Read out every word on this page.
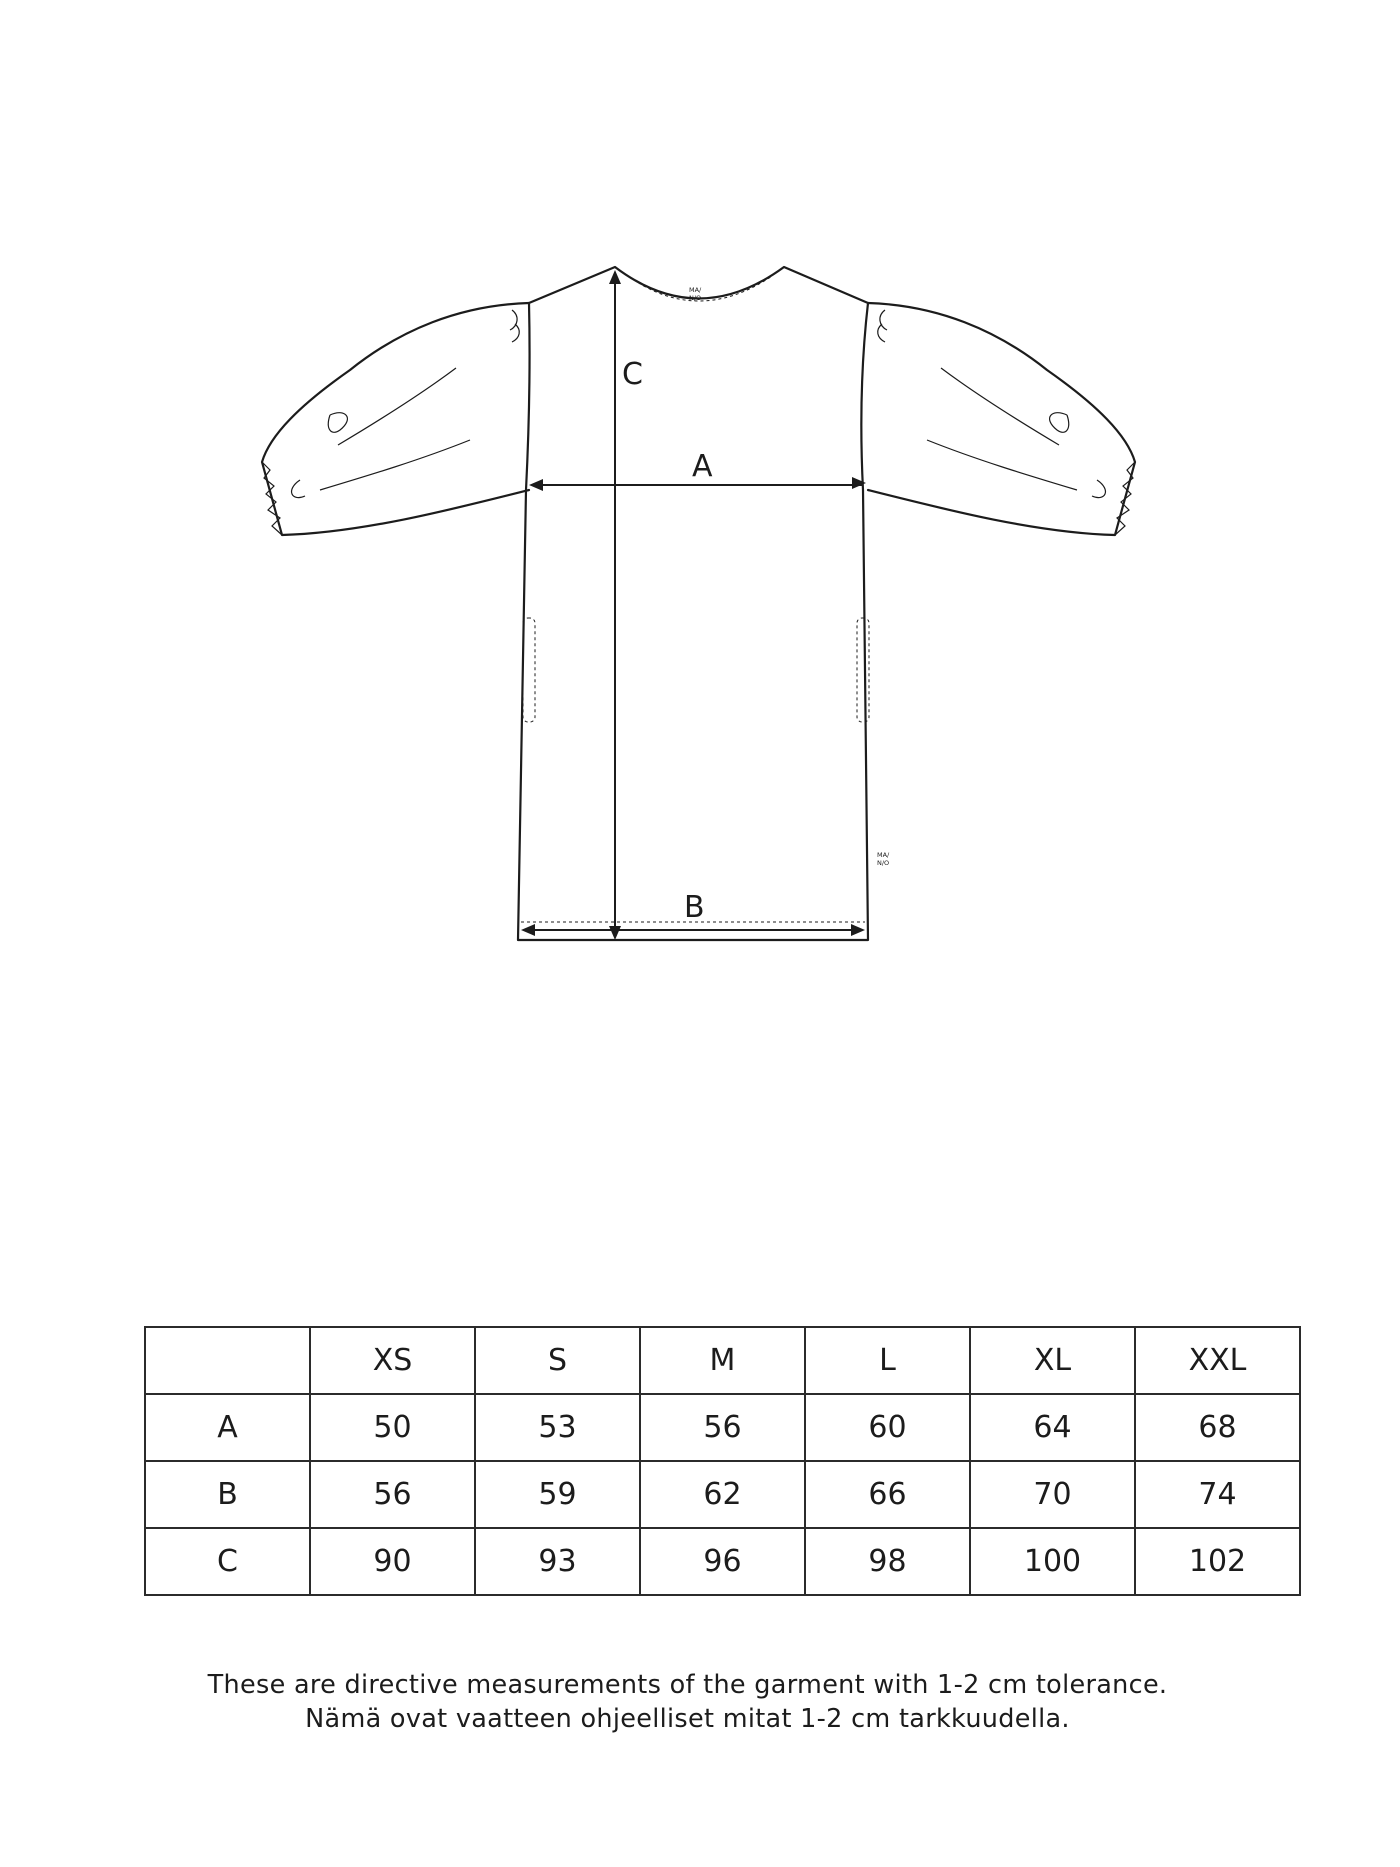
C
A
B
MA/
N/O
MA/
N/O
	XS	S	M	L	XL	XXL
A	50	53	56	60	64	68
B	56	59	62	66	70	74
C	90	93	96	98	100	102
These are directive measurements of the garment with 1-2 cm tolerance.
Nämä ovat vaatteen ohjeelliset mitat 1-2 cm tarkkuudella.
